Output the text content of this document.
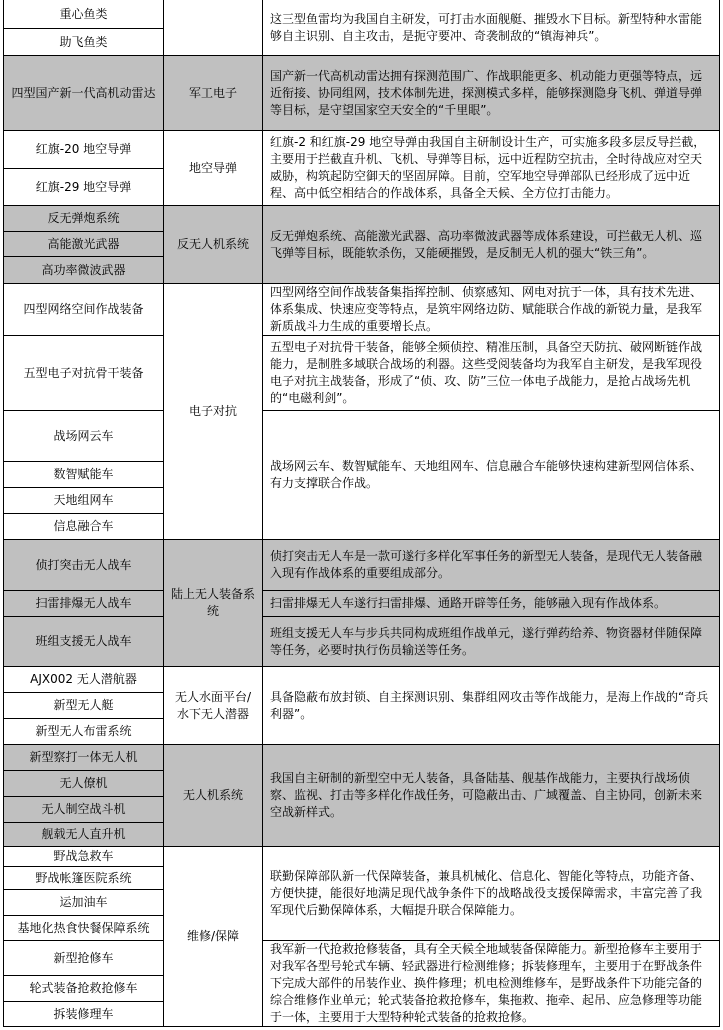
重心鱼类		这三型鱼雷均为我国自主研发，可打击水面舰艇、摧毁水下目标。新型特种水雷能够自主识别、自主攻击，是扼守要冲、奇袭制敌的“镇海神兵”。
助飞鱼类		
四型国产新一代高机动雷达	军工电子	国产新一代高机动雷达拥有探测范围广、作战职能更多、机动能力更强等特点，远近衔接、协同组网，技术体制先进，探测模式多样，能够探测隐身飞机、弹道导弹等目标，是守望国家空天安全的“千里眼”。
红旗-20 地空导弹	地空导弹	红旗-2 和红旗-29 地空导弹由我国自主研制设计生产，可实施多段多层反导拦截，主要用于拦截直升机、飞机、导弹等目标，远中近程防空抗击，全时待战应对空天威胁，构筑起防空御天的坚固屏障。目前，空军地空导弹部队已经形成了远中近程、高中低空相结合的作战体系，具备全天候、全方位打击能力。
红旗-29 地空导弹		
反无弹炮系统	反无人机系统	反无弹炮系统、高能激光武器、高功率微波武器等成体系建设，可拦截无人机、巡飞弹等目标，既能软杀伤，又能硬摧毁，是反制无人机的强大“铁三角”。
高能激光武器		
高功率微波武器		
四型网络空间作战装备	电子对抗	四型网络空间作战装备集指挥控制、侦察感知、网电对抗于一体，具有技术先进、体系集成、快速应变等特点，是筑牢网络边防、赋能联合作战的新锐力量，是我军新质战斗力生成的重要增长点。
五型电子对抗骨干装备		五型电子对抗骨干装备，能够全频侦控、精准压制，具备空天防抗、破网断链作战能力，是制胜多域联合战场的利器。这些受阅装备均为我军自主研发，是我军现役电子对抗主战装备，形成了“侦、攻、防”三位一体电子战能力，是抢占战场先机的“电磁利剑”。
战场网云车		战场网云车、数智赋能车、天地组网车、信息融合车能够快速构建新型网信体系、有力支撑联合作战。
数智赋能车		
天地组网车		
信息融合车		
侦打突击无人战车	陆上无人装备系统	侦打突击无人车是一款可遂行多样化军事任务的新型无人装备，是现代无人装备融入现有作战体系的重要组成部分。
扫雷排爆无人战车		扫雷排爆无人车遂行扫雷排爆、通路开辟等任务，能够融入现有作战体系。
班组支援无人战车		班组支援无人车与步兵共同构成班组作战单元，遂行弹药给养、物资器材伴随保障等任务，必要时执行伤员输送等任务。
AJX002 无人潜航器	无人水面平台/水下无人潜器	具备隐蔽布放封锁、自主探测识别、集群组网攻击等作战能力，是海上作战的“奇兵利器”。
新型无人艇		
新型无人布雷系统		
新型察打一体无人机	无人机系统	我国自主研制的新型空中无人装备，具备陆基、舰基作战能力，主要执行战场侦察、监视、打击等多样化作战任务，可隐蔽出击、广域覆盖、自主协同，创新未来空战新样式。
无人僚机		
无人制空战斗机		
舰载无人直升机		
野战急救车	维修/保障	联勤保障部队新一代保障装备，兼具机械化、信息化、智能化等特点，功能齐备、方便快捷，能很好地满足现代战争条件下的战略战役支援保障需求，丰富完善了我军现代后勤保障体系，大幅提升联合保障能力。
野战帐篷医院系统		
运加油车		
基地化热食快餐保障系统		
新型抢修车		我军新一代抢救抢修装备，具有全天候全地域装备保障能力。新型抢修车主要用于对我军各型号轮式车辆、轻武器进行检测维修；拆装修理车，主要用于在野战条件下完成大部件的吊装作业、换件修理；机电检测维修车，是野战条件下功能完备的综合维修作业单元；轮式装备抢救抢修车，集拖救、拖牵、起吊、应急修理等功能于一体，主要用于大型特种轮式装备的抢救抢修。
轮式装备抢救抢修车		
拆装修理车		
